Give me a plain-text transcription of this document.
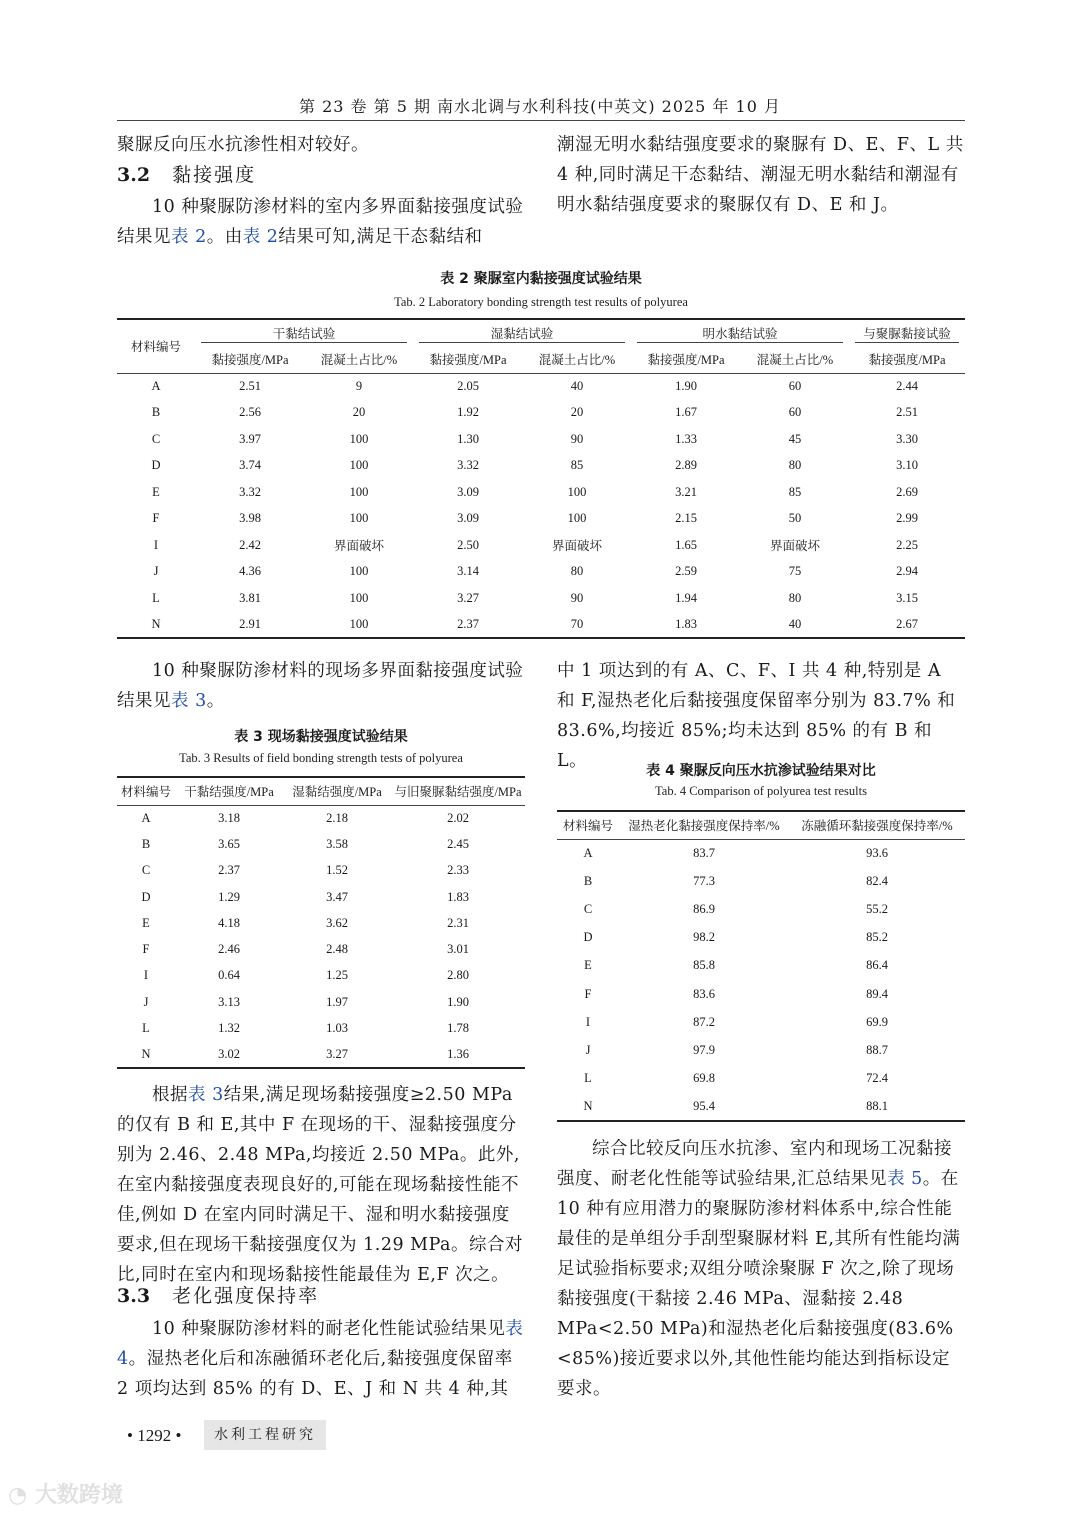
第 23 卷 第 5 期 南水北调与水利科技(中英文) 2025 年 10 月

聚脲反向压水抗渗性相对较好。

3.2 黏接强度

10 种聚脲防渗材料的室内多界面黏接强度试验结果见表 2。由表 2结果可知,满足干态黏结和

潮湿无明水黏结强度要求的聚脲有 D、E、F、L 共 4 种,同时满足干态黏结、潮湿无明水黏结和潮湿有明水黏结强度要求的聚脲仅有 D、E 和 J。

表 2 聚脲室内黏接强度试验结果
Tab. 2 Laboratory bonding strength test results of polyurea
材料编号	干黏结试验		湿黏结试验		明水黏结试验		与聚脲黏接试验

	黏接强度/MPa	混凝土占比/%	黏接强度/MPa	混凝土占比/%	黏接强度/MPa	混凝土占比/%	黏接强度/MPa
A	2.51	9	2.05	40	1.90	60	2.44
B	2.56	20	1.92	20	1.67	60	2.51
C	3.97	100	1.30	90	1.33	45	3.30
D	3.74	100	3.32	85	2.89	80	3.10
E	3.32	100	3.09	100	3.21	85	2.69
F	3.98	100	3.09	100	2.15	50	2.99
I	2.42	界面破坏	2.50	界面破坏	1.65	界面破坏	2.25
J	4.36	100	3.14	80	2.59	75	2.94
L	3.81	100	3.27	90	1.94	80	3.15
N	2.91	100	2.37	70	1.83	40	2.67

10 种聚脲防渗材料的现场多界面黏接强度试验结果见表 3。

中 1 项达到的有 A、C、F、I 共 4 种,特别是 A 和 F,湿热老化后黏接强度保留率分别为 83.7% 和 83.6%,均接近 85%;均未达到 85% 的有 B 和 L。

表 3 现场黏接强度试验结果
Tab. 3 Results of field bonding strength tests of polyurea
材料编号	干黏结强度/MPa	湿黏结强度/MPa	与旧聚脲黏结强度/MPa
A	3.18	2.18	2.02
B	3.65	3.58	2.45
C	2.37	1.52	2.33
D	1.29	3.47	1.83
E	4.18	3.62	2.31
F	2.46	2.48	3.01
I	0.64	1.25	2.80
J	3.13	1.97	1.90
L	1.32	1.03	1.78
N	3.02	3.27	1.36
表 4 聚脲反向压水抗渗试验结果对比
Tab. 4 Comparison of polyurea test results
材料编号	湿热老化黏接强度保持率/%	冻融循环黏接强度保持率/%
A	83.7	93.6
B	77.3	82.4
C	86.9	55.2
D	98.2	85.2
E	85.8	86.4
F	83.6	89.4
I	87.2	69.9
J	97.9	88.7
L	69.8	72.4
N	95.4	88.1

根据表 3结果,满足现场黏接强度≥2.50 MPa 的仅有 B 和 E,其中 F 在现场的干、湿黏接强度分别为 2.46、2.48 MPa,均接近 2.50 MPa。此外,在室内黏接强度表现良好的,可能在现场黏接性能不佳,例如 D 在室内同时满足干、湿和明水黏接强度要求,但在现场干黏接强度仅为 1.29 MPa。综合对比,同时在室内和现场黏接性能最佳为 E,F 次之。

3.3 老化强度保持率

10 种聚脲防渗材料的耐老化性能试验结果见表 4。湿热老化后和冻融循环老化后,黏接强度保留率 2 项均达到 85% 的有 D、E、J 和 N 共 4 种,其

综合比较反向压水抗渗、室内和现场工况黏接强度、耐老化性能等试验结果,汇总结果见表 5。在 10 种有应用潜力的聚脲防渗材料体系中,综合性能最佳的是单组分手刮型聚脲材料 E,其所有性能均满足试验指标要求;双组分喷涂聚脲 F 次之,除了现场黏接强度(干黏接 2.46 MPa、湿黏接 2.48 MPa<2.50 MPa)和湿热老化后黏接强度(83.6%<85%)接近要求以外,其他性能均能达到指标设定要求。

• 1292 •	水利工程研究
◔ 大数跨境
